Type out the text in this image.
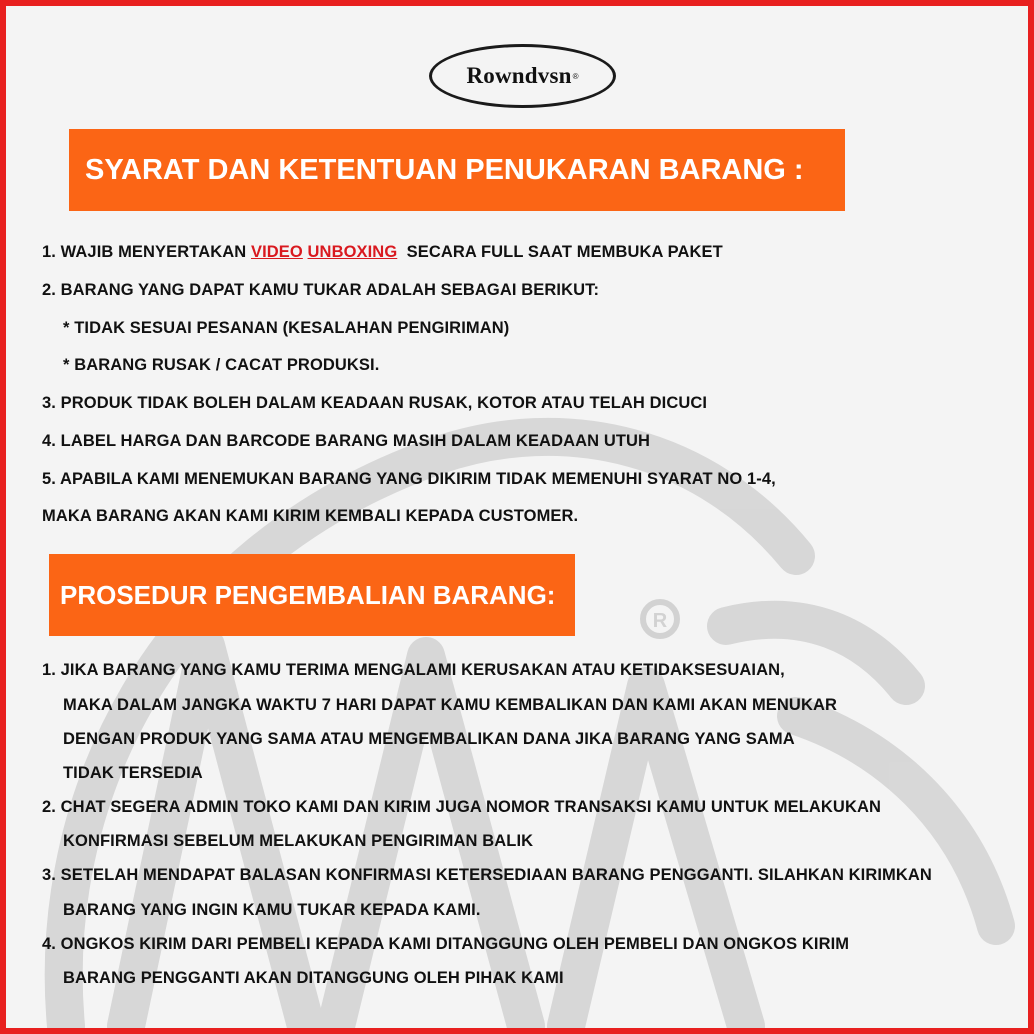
R
Rowndvsn ®
SYARAT DAN KETENTUAN PENUKARAN BARANG :
1. WAJIB MENYERTAKAN VIDEO UNBOXING SECARA FULL SAAT MEMBUKA PAKET
2. BARANG YANG DAPAT KAMU TUKAR ADALAH SEBAGAI BERIKUT:
* TIDAK SESUAI PESANAN (KESALAHAN PENGIRIMAN)
* BARANG RUSAK / CACAT PRODUKSI.
3. PRODUK TIDAK BOLEH DALAM KEADAAN RUSAK, KOTOR ATAU TELAH DICUCI
4. LABEL HARGA DAN BARCODE BARANG MASIH DALAM KEADAAN UTUH
5. APABILA KAMI MENEMUKAN BARANG YANG DIKIRIM TIDAK MEMENUHI SYARAT NO 1-4,
MAKA BARANG AKAN KAMI KIRIM KEMBALI KEPADA CUSTOMER.
PROSEDUR PENGEMBALIAN BARANG:
1. JIKA BARANG YANG KAMU TERIMA MENGALAMI KERUSAKAN ATAU KETIDAKSESUAIAN,
MAKA DALAM JANGKA WAKTU 7 HARI DAPAT KAMU KEMBALIKAN DAN KAMI AKAN MENUKAR
DENGAN PRODUK YANG SAMA ATAU MENGEMBALIKAN DANA JIKA BARANG YANG SAMA
TIDAK TERSEDIA
2. CHAT SEGERA ADMIN TOKO KAMI DAN KIRIM JUGA NOMOR TRANSAKSI KAMU UNTUK MELAKUKAN
KONFIRMASI SEBELUM MELAKUKAN PENGIRIMAN BALIK
3. SETELAH MENDAPAT BALASAN KONFIRMASI KETERSEDIAAN BARANG PENGGANTI. SILAHKAN KIRIMKAN
BARANG YANG INGIN KAMU TUKAR KEPADA KAMI.
4. ONGKOS KIRIM DARI PEMBELI KEPADA KAMI DITANGGUNG OLEH PEMBELI DAN ONGKOS KIRIM
BARANG PENGGANTI AKAN DITANGGUNG OLEH PIHAK KAMI
